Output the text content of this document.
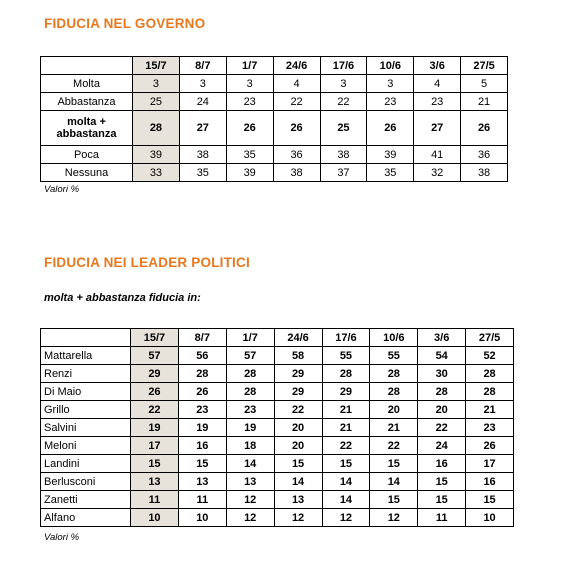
FIDUCIA NEL GOVERNO
	15/7	8/7	1/7	24/6	17/6	10/6	3/6	27/5
Molta	3	3	3	4	3	3	4	5
Abbastanza	25	24	23	22	22	23	23	21
molta +
abbastanza	28	27	26	26	25	26	27	26
Poca	39	38	35	36	38	39	41	36
Nessuna	33	35	39	38	37	35	32	38
Valori %
FIDUCIA NEI LEADER POLITICI
molta + abbastanza fiducia in:
	15/7	8/7	1/7	24/6	17/6	10/6	3/6	27/5
Mattarella	57	56	57	58	55	55	54	52
Renzi	29	28	28	29	28	28	30	28
Di Maio	26	26	28	29	29	28	28	28
Grillo	22	23	23	22	21	20	20	21
Salvini	19	19	19	20	21	21	22	23
Meloni	17	16	18	20	22	22	24	26
Landini	15	15	14	15	15	15	16	17
Berlusconi	13	13	13	14	14	14	15	16
Zanetti	11	11	12	13	14	15	15	15
Alfano	10	10	12	12	12	12	11	10
Valori %
